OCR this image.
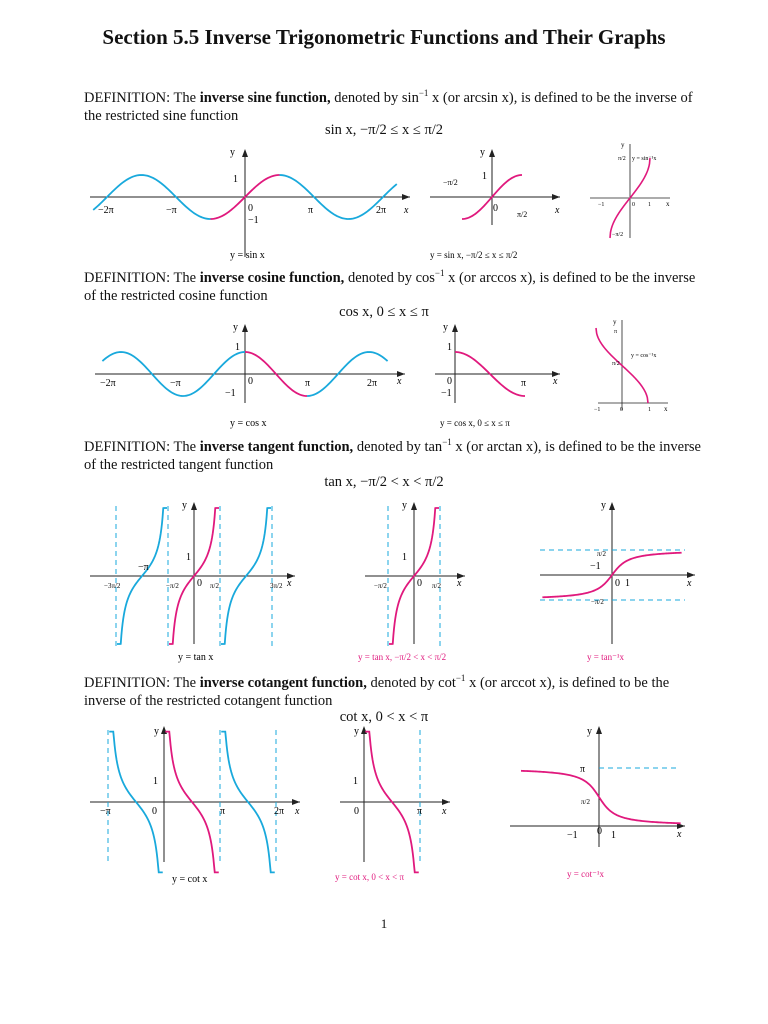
Section 5.5 Inverse Trigonometric Functions and Their Graphs
DEFINITION: The inverse sine function, denoted by $\sin^{-1} x$ (or arcsin x), is defined to be the inverse of the restricted sine function
sin x, −π/2 ≤ x ≤ π/2
y
x
1
0
−1
−2π	−π	π	2π
y = sin x
y
x
1
0
−π/2
π/2
y = sin x, −π/2 ≤ x ≤ π/2
y
x
y = sin⁻¹x
π/2
−π/2
−1	1
0
DEFINITION: The inverse cosine function, denoted by $\cos^{-1} x$ (or arccos x), is defined to be the inverse of the restricted cosine function
cos x, 0 ≤ x ≤ π
y
x
1
0
−1
−2π	−π	π	2π
y = cos x
y
x
1
0
−1
π
y = cos x, 0 ≤ x ≤ π
y
x
y = cos⁻¹x
π
π/2
−1	0	1
DEFINITION: The inverse tangent function, denoted by $\tan^{-1} x$ (or arctan x), is defined to be the inverse of the restricted tangent function
tan x, −π/2 < x < π/2
y
x
1
0
−π
−3π/2	−π/2	π/2	3π/2
y = tan x
y
x
1
0
−π/2	π/2
y = tan x, −π/2 < x < π/2
y
x
π/2
−π/2
−1
0 1
y = tan⁻¹x
DEFINITION: The inverse cotangent function, denoted by $\cot^{-1} x$ (or arccot x), is defined to be the inverse of the restricted cotangent function
cot x, 0 < x < π
y
x
1
0
−π	π	2π
y = cot x
y
x
1
0	π
y = cot x, 0 < x < π
y
x
π
π/2
−1 0 1
y = cot⁻¹x
1
